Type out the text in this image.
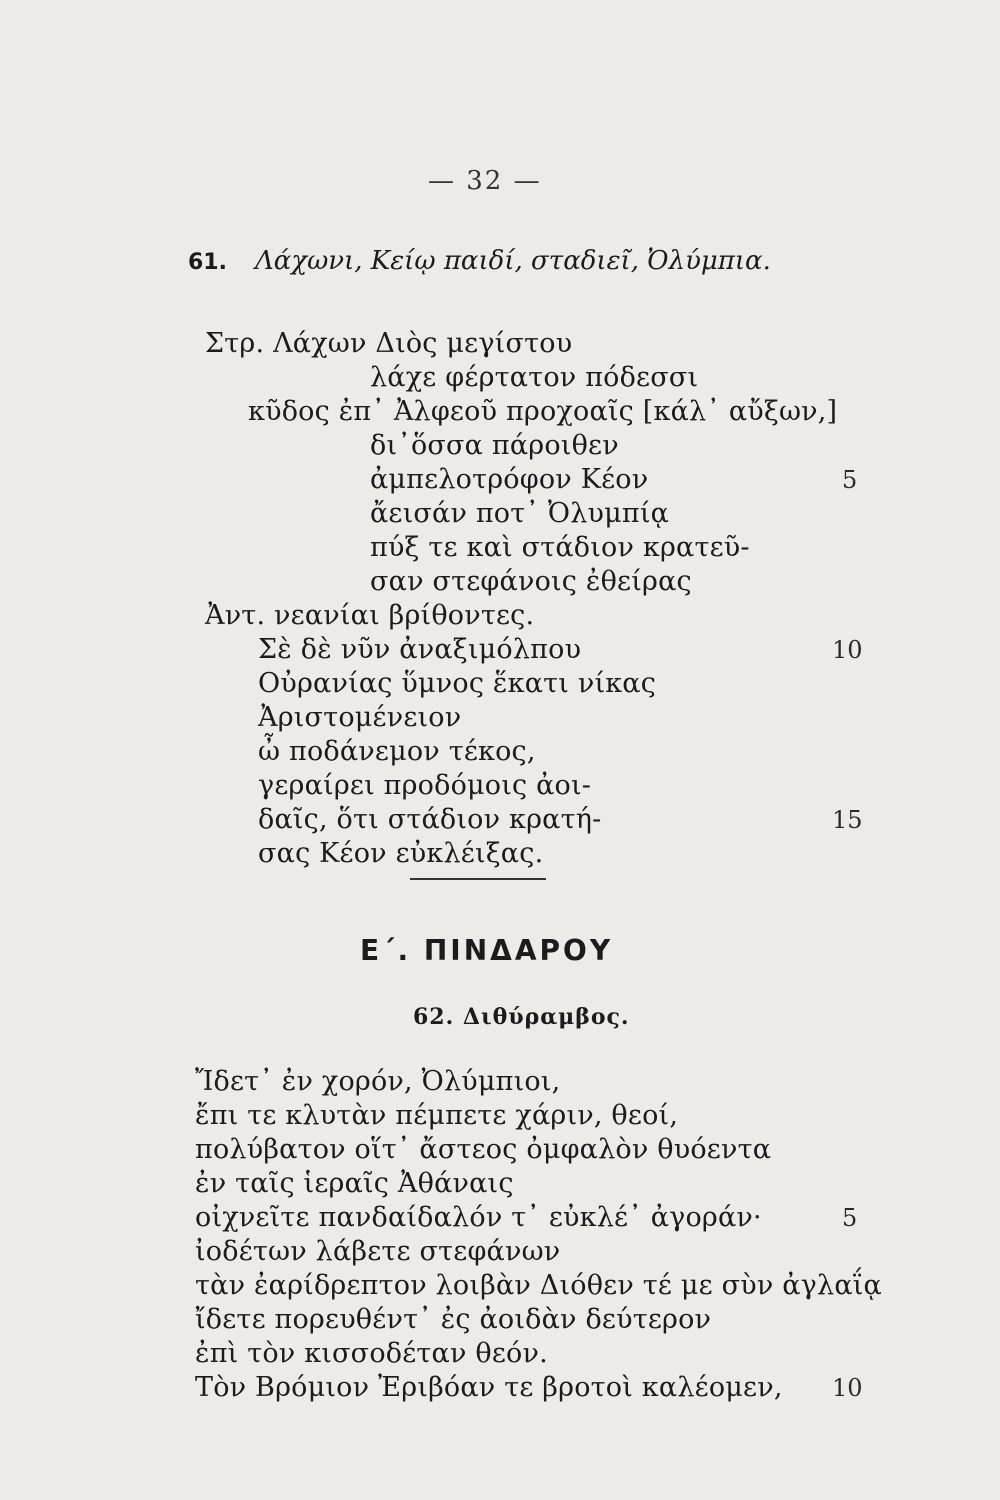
— 32 —
61. Λάχωνι, Κείῳ παιδί, σταδιεῖ, Ὀλύμπια.
Στρ. Λάχων Διὸς μεγίστου
λάχε φέρτατον πόδεσσι
κῦδος ἐπ᾽ Ἀλφεοῦ προχοαῖς [κάλ᾽ αὔξων,]
δι᾽ὅσσα πάροιθεν
ἀμπελοτρόφον Κέον
ἄεισάν ποτ᾽ Ὀλυμπίᾳ
πύξ τε καὶ στάδιον κρατεῦ-
σαν στεφάνοις ἐθείρας
Ἀντ. νεανίαι βρίθοντες.
Σὲ δὲ νῦν ἀναξιμόλπου
Οὐρανίας ὕμνος ἕκατι νίκας
Ἀριστομένειον
ὦ ποδάνεμον τέκος,
γεραίρει προδόμοις ἀοι-
δαῖς, ὅτι στάδιον κρατή-
σας Κέον εὐκλέιξας.
5
10
15
Ε΄. ΠΙΝΔΑΡΟΥ
62. Διθύραμβος.
Ἴδετ᾽ ἐν χορόν, Ὀλύμπιοι,
ἔπι τε κλυτὰν πέμπετε χάριν, θεοί,
πολύβατον οἵτ᾽ ἄστεος ὀμφαλὸν θυόεντα
ἐν ταῖς ἱεραῖς Ἀθάναις
οἰχνεῖτε πανδαίδαλόν τ᾽ εὐκλέ᾽ ἀγοράν·
ἰοδέτων λάβετε στεφάνων
τὰν ἐαρίδρεπτον λοιβὰν Διόθεν τέ με σὺν ἀγλαΐᾳ
ἴδετε πορευθέντ᾽ ἐς ἀοιδὰν δεύτερον
ἐπὶ τὸν κισσοδέταν θεόν.
Τὸν Βρόμιον Ἐριβόαν τε βροτοὶ καλέομεν,
5
10
